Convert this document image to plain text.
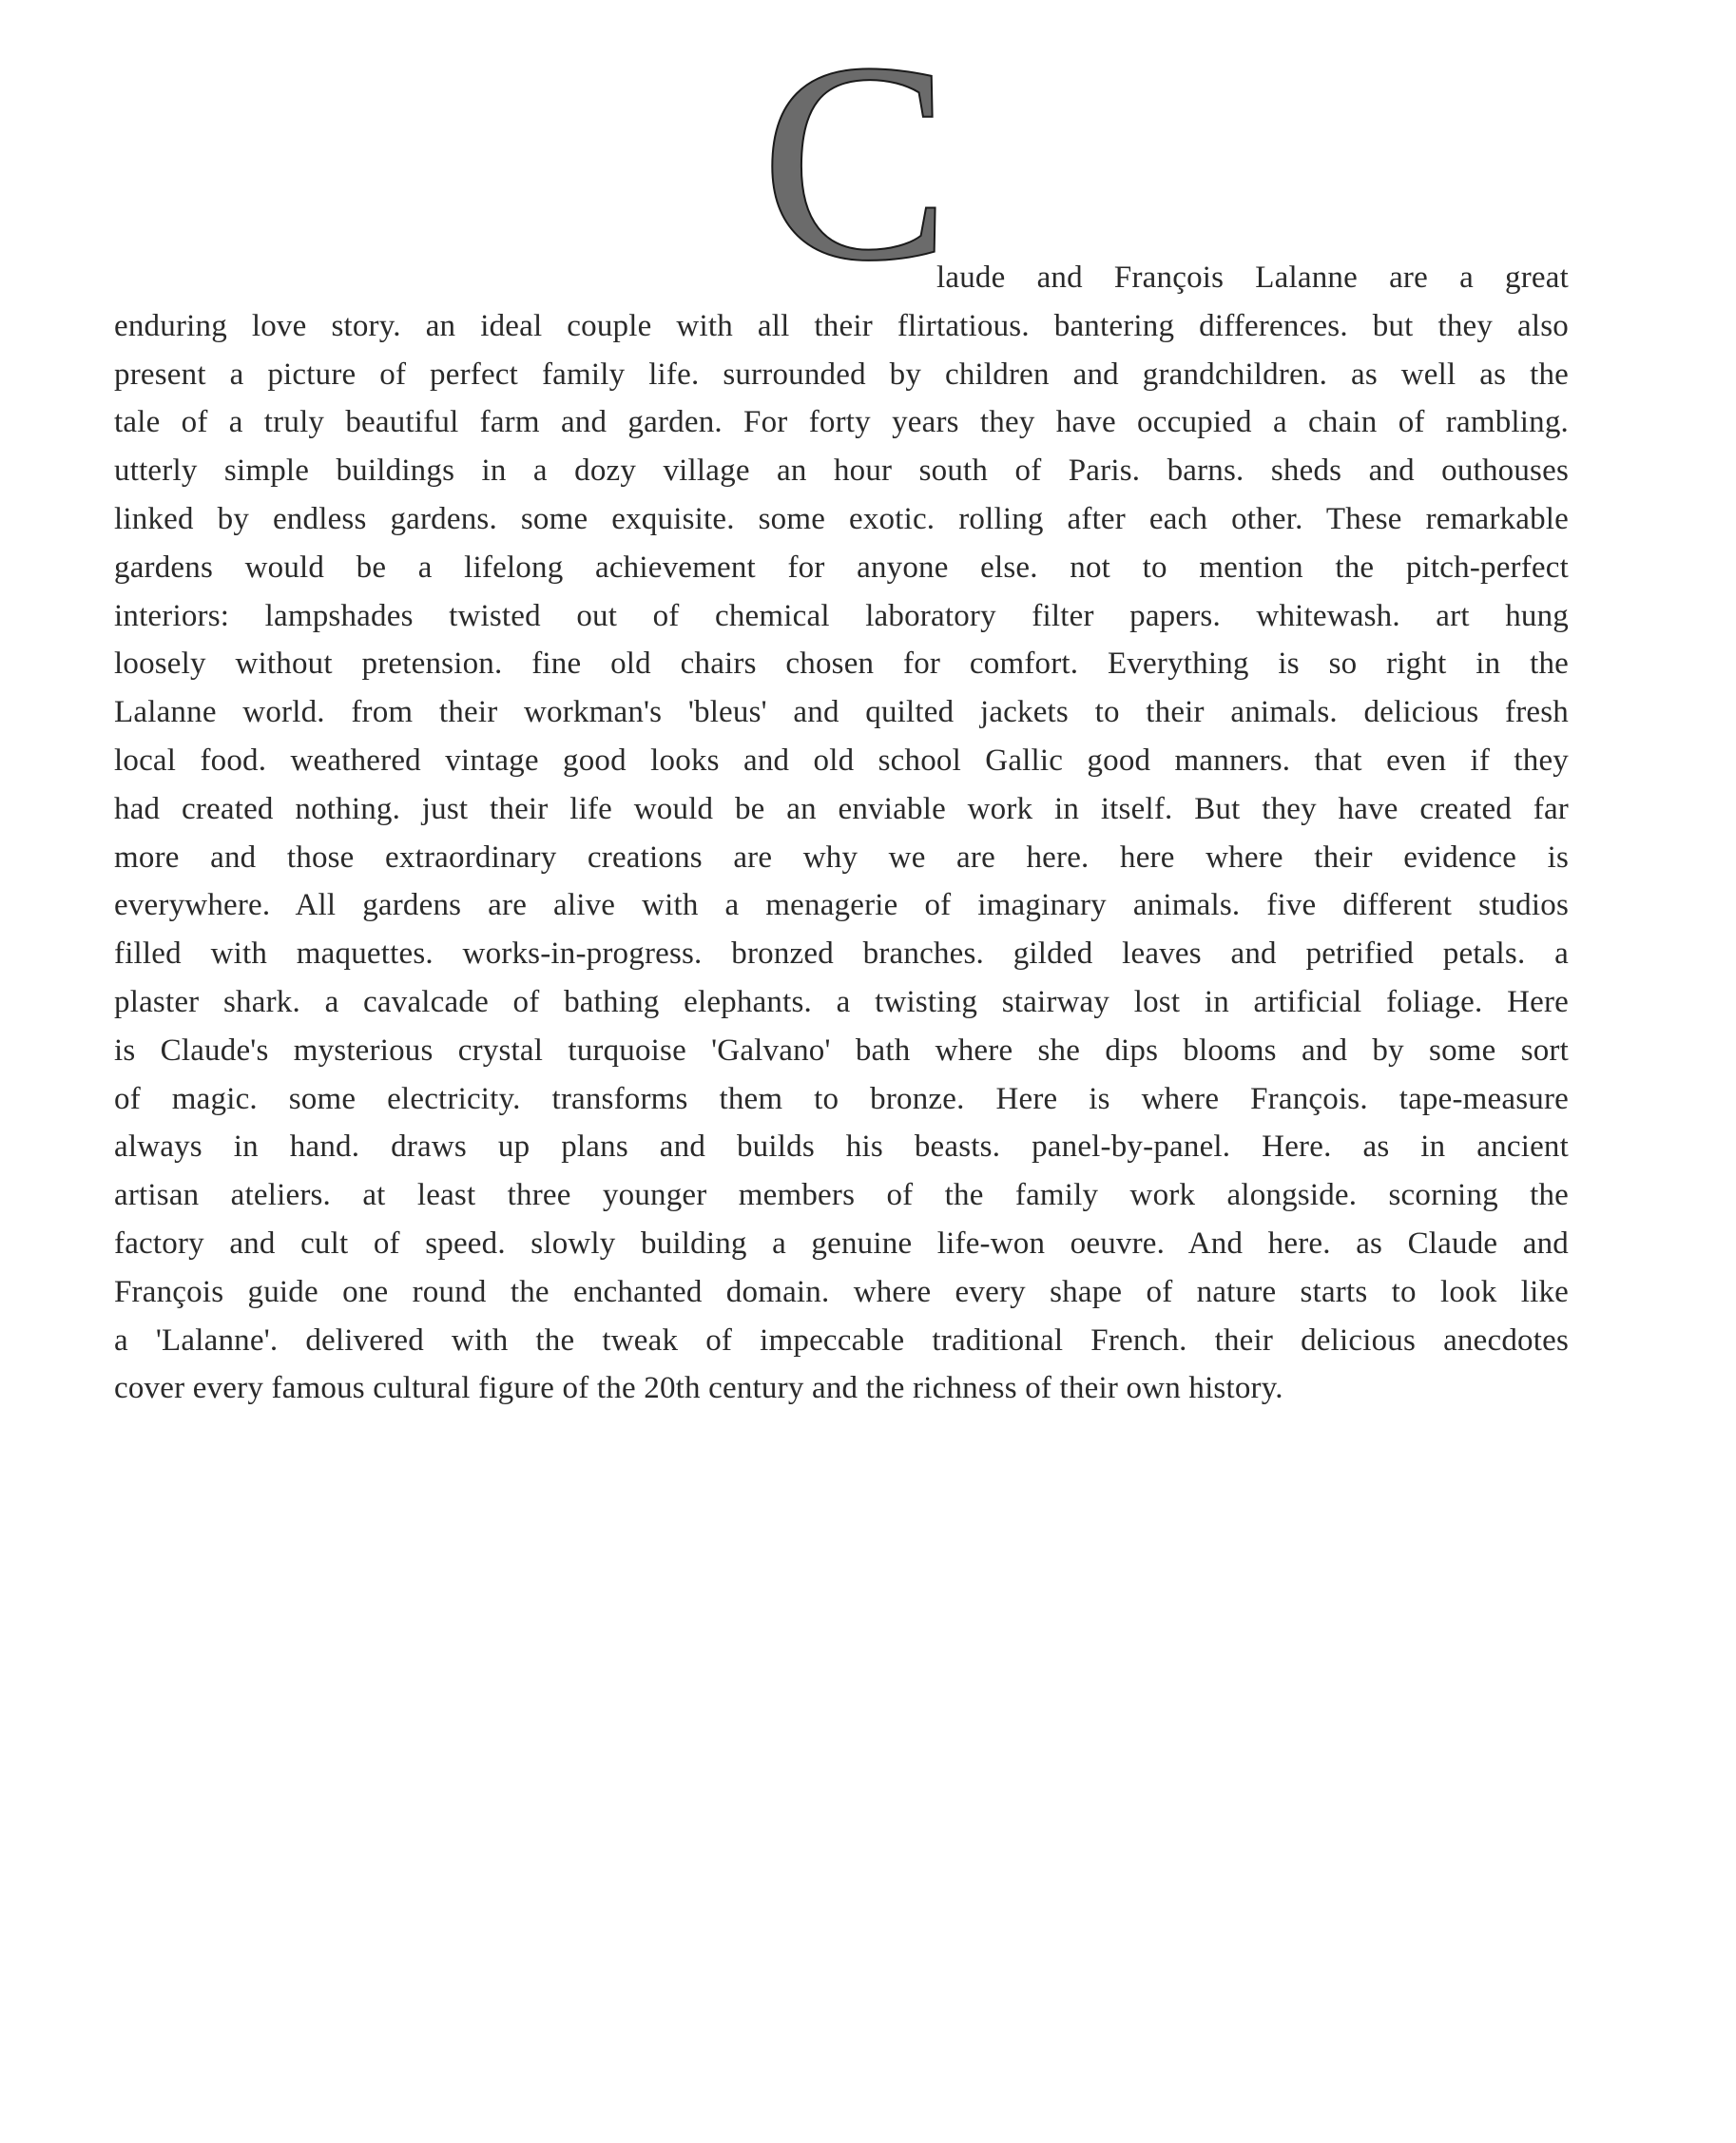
C
laude and François Lalanne are a great
enduring love story. an ideal couple with all their flirtatious. bantering differences. but they also
present a picture of perfect family life. surrounded by children and grandchildren. as well as the
tale of a truly beautiful farm and garden. For forty years they have occupied a chain of rambling.
utterly simple buildings in a dozy village an hour south of Paris. barns. sheds and outhouses
linked by endless gardens. some exquisite. some exotic. rolling after each other. These remarkable
gardens would be a lifelong achievement for anyone else. not to mention the pitch-perfect
interiors: lampshades twisted out of chemical laboratory filter papers. whitewash. art hung
loosely without pretension. fine old chairs chosen for comfort. Everything is so right in the
Lalanne world. from their workman's 'bleus' and quilted jackets to their animals. delicious fresh
local food. weathered vintage good looks and old school Gallic good manners. that even if they
had created nothing. just their life would be an enviable work in itself. But they have created far
more and those extraordinary creations are why we are here. here where their evidence is
everywhere. All gardens are alive with a menagerie of imaginary animals. five different studios
filled with maquettes. works-in-progress. bronzed branches. gilded leaves and petrified petals. a
plaster shark. a cavalcade of bathing elephants. a twisting stairway lost in artificial foliage. Here
is Claude's mysterious crystal turquoise 'Galvano' bath where she dips blooms and by some sort
of magic. some electricity. transforms them to bronze. Here is where François. tape-measure
always in hand. draws up plans and builds his beasts. panel-by-panel. Here. as in ancient
artisan ateliers. at least three younger members of the family work alongside. scorning the
factory and cult of speed. slowly building a genuine life-won oeuvre. And here. as Claude and
François guide one round the enchanted domain. where every shape of nature starts to look like
a 'Lalanne'. delivered with the tweak of impeccable traditional French. their delicious anecdotes
cover every famous cultural figure of the 20th century and the richness of their own history.
